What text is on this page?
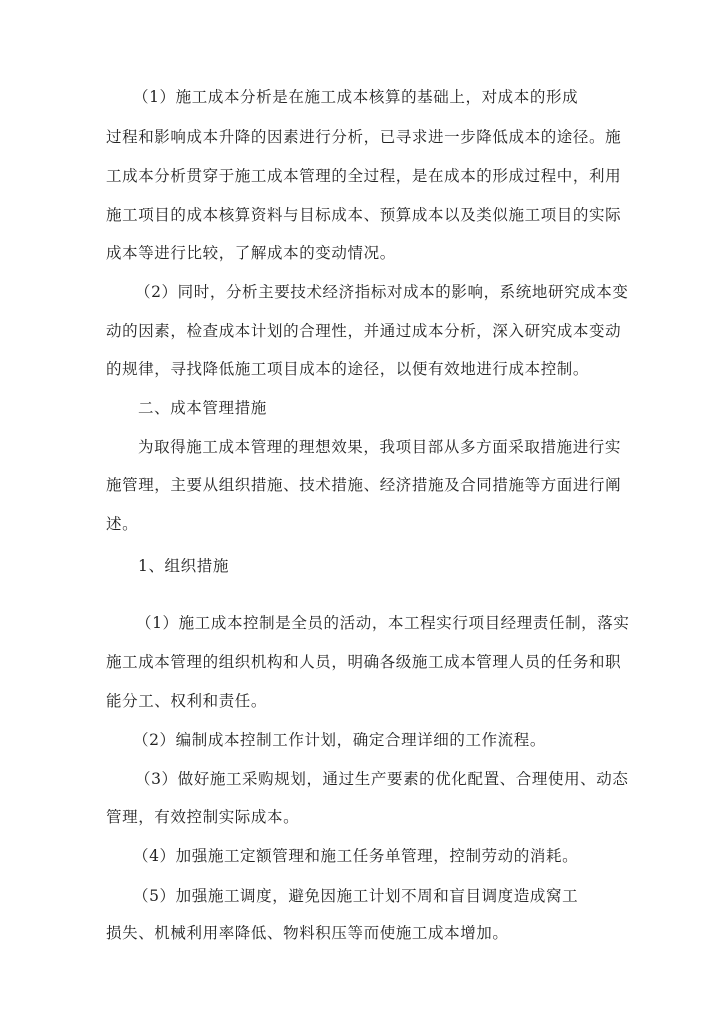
（1）施工成本分析是在施工成本核算的基础上，对成本的形成
过程和影响成本升降的因素进行分析，已寻求进一步降低成本的途径。施
工成本分析贯穿于施工成本管理的全过程，是在成本的形成过程中，利用
施工项目的成本核算资料与目标成本、预算成本以及类似施工项目的实际
成本等进行比较，了解成本的变动情况。
（2）同时，分析主要技术经济指标对成本的影响，系统地研究成本变
动的因素，检查成本计划的合理性，并通过成本分析，深入研究成本变动
的规律，寻找降低施工项目成本的途径，以便有效地进行成本控制。
二、成本管理措施
为取得施工成本管理的理想效果，我项目部从多方面采取措施进行实
施管理，主要从组织措施、技术措施、经济措施及合同措施等方面进行阐
述。
1、组织措施
（1）施工成本控制是全员的活动，本工程实行项目经理责任制，落实
施工成本管理的组织机构和人员，明确各级施工成本管理人员的任务和职
能分工、权利和责任。
（2）编制成本控制工作计划，确定合理详细的工作流程。
（3）做好施工采购规划，通过生产要素的优化配置、合理使用、动态
管理，有效控制实际成本。
（4）加强施工定额管理和施工任务单管理，控制劳动的消耗。
（5）加强施工调度，避免因施工计划不周和盲目调度造成窝工
损失、机械利用率降低、物料积压等而使施工成本增加。
